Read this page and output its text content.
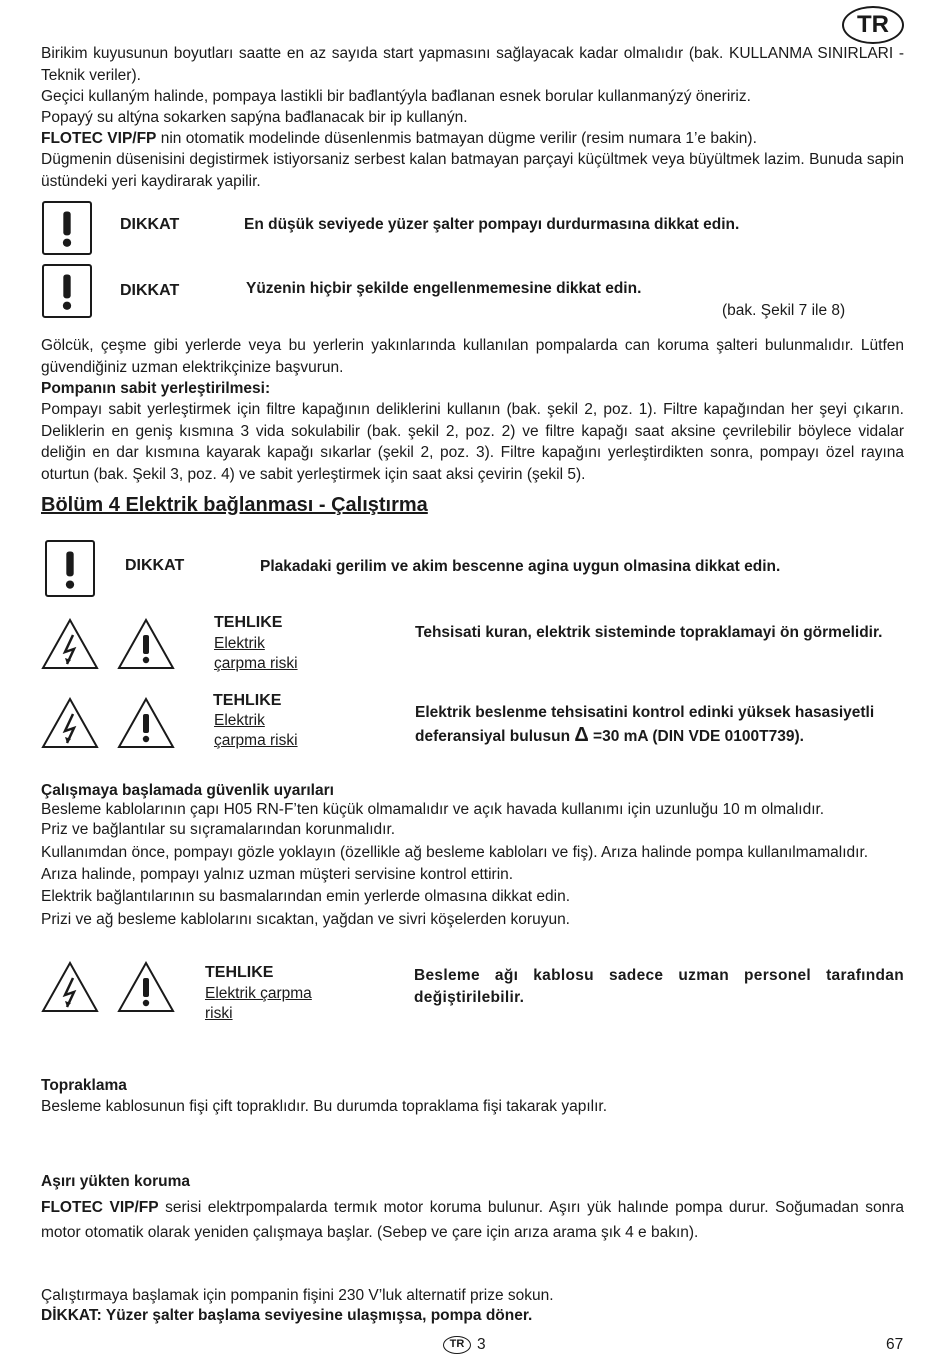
TR
Birikim kuyusunun boyutları saatte en az sayıda start yapmasını sağlayacak kadar olmalıdır (bak. KULLANMA SINIRLARI -Teknik veriler).
Geçici kullaným halinde, pompaya lastikli bir bađlantýyla bađlanan esnek borular kullanmanýzý öneririz.
Popayý su altýna sokarken sapýna bađlanacak bir ip kullanýn.
FLOTEC VIP/FP nin otomatik modelinde düsenlenmis batmayan dügme verilir (resim numara 1’e bakin).
Dügmenin düsenisini degistirmek istiyorsaniz serbest kalan batmayan parçayi küçültmek veya büyültmek lazim. Bunuda sapin üstündeki yeri kaydirarak yapilir.
DIKKAT	En düşük seviyede yüzer şalter pompayı durdurmasına dikkat edin.
DIKKAT	Yüzenin hiçbir şekilde engellenmemesine dikkat edin.
(bak. Şekil 7 ile 8)
Gölcük, çeşme gibi yerlerde veya bu yerlerin yakınlarında kullanılan pompalarda can koruma şalteri bulunmalıdır. Lütfen güvendiğiniz uzman elektrikçinize başvurun.
Pompanın sabit yerleştirilmesi:
Pompayı sabit yerleştirmek için filtre kapağının deliklerini kullanın (bak. şekil 2, poz. 1). Filtre kapağından her şeyi çıkarın. Deliklerin en geniş kısmına 3 vida sokulabilir (bak. şekil 2, poz. 2) ve filtre kapağı saat aksine çevrilebilir böylece vidalar deliğin en dar kısmına kayarak kapağı sıkarlar (şekil 2, poz. 3). Filtre kapağını yerleştirdikten sonra, pompayı özel rayına oturtun (bak. Şekil 3, poz. 4) ve sabit yerleştirmek için saat aksi çevirin (şekil 5).
Bölüm 4 Elektrik bağlanması - Çalıştırma
DIKKAT	Plakadaki gerilim ve akim bescenne agina uygun olmasina dikkat edin.
TEHLIKE
Elektrik
çarpma riski
Tehsisati kuran, elektrik sisteminde topraklamayi ön görmelidir.
TEHLIKE
Elektrik
çarpma riski
Elektrik beslenme tehsisatini kontrol edinki yüksek hasasiyetli
deferansiyal bulusun Δ =30 mA (DIN VDE 0100T739).
Çalışmaya başlamada güvenlik uyarıları
Besleme kablolarının çapı H05 RN-F’ten küçük olmamalıdır ve açık havada kullanımı için uzunluğu 10 m olmalıdır.
Priz ve bağlantılar su sıçramalarından korunmalıdır.
Kullanımdan önce, pompayı gözle yoklayın (özellikle ağ besleme kabloları ve fiş). Arıza halinde pompa kullanılmamalıdır.
Arıza halinde, pompayı yalnız uzman müşteri servisine kontrol ettirin.
Elektrik bağlantılarının su basmalarından emin yerlerde olmasına dikkat edin.
Prizi ve ağ besleme kablolarını sıcaktan, yağdan ve sivri köşelerden koruyun.
TEHLIKE
Elektrik çarpma
riski
Besleme ağı kablosu sadece uzman personel tarafından değiştirilebilir.
Topraklama
Besleme kablosunun fişi çift topraklıdır. Bu durumda topraklama fişi takarak yapılır.
Aşırı yükten koruma
FLOTEC VIP/FP serisi elektrpompalarda termık motor koruma bulunur. Aşırı yük halınde pompa durur. Soğumadan sonra motor otomatik olarak yeniden çalışmaya başlar. (Sebep ve çare için arıza arama şık 4 e bakın).
Çalıştırmaya başlamak için pompanin fişini 230 V’luk alternatif prize sokun.
DİKKAT: Yüzer şalter başlama seviyesine ulaşmışsa, pompa döner.
TR 3	67
